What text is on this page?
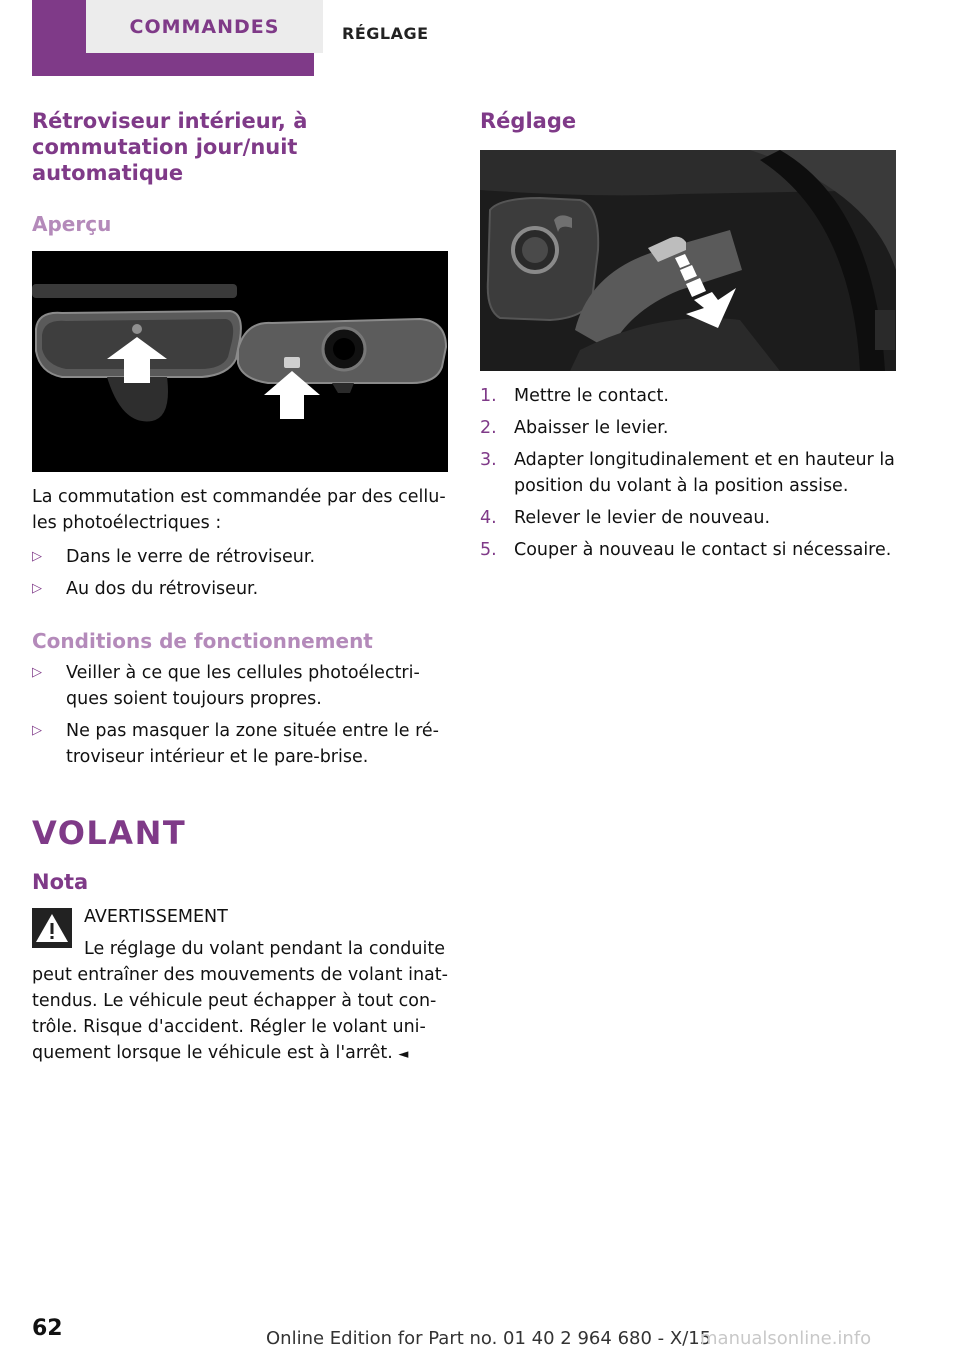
COMMANDES	RÉGLAGE
Rétroviseur intérieur, à commutation jour/nuit automatique
Aperçu

La commutation est commandée par des cellu-les photoélectriques :

▷ Dans le verre de rétroviseur.
▷ Au dos du rétroviseur.
Conditions de fonctionnement
▷ Veiller à ce que les cellules photoélectri-ques soient toujours propres.
▷ Ne pas masquer la zone située entre le ré-troviseur intérieur et le pare-brise.
VOLANT
Nota
AVERTISSEMENT

Le réglage du volant pendant la conduite peut entraîner des mouvements de volant inat-tendus. Le véhicule peut échapper à tout con-trôle. Risque d'accident. Régler le volant uni-quement lorsque le véhicule est à l'arrêt. ◄

Réglage
1. Mettre le contact.
2. Abaisser le levier.
3. Adapter longitudinalement et en hauteur la position du volant à la position assise.
4. Relever le levier de nouveau.
5. Couper à nouveau le contact si nécessaire.
62	Online Edition for Part no. 01 40 2 964 680 - X/15
manualsonline.info
